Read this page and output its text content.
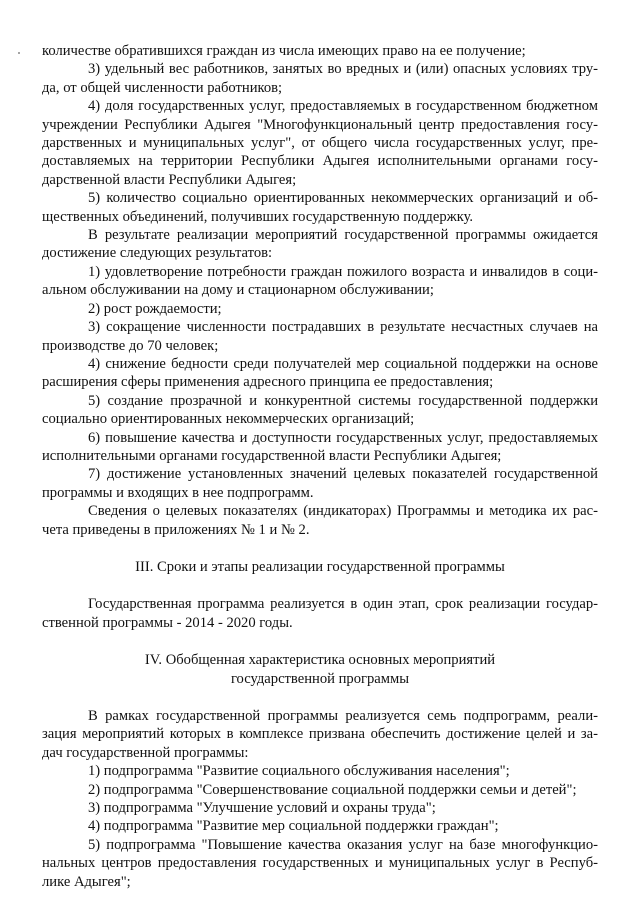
количестве обратившихся граждан из числа имеющих право на ее получение;
3) удельный вес работников, занятых во вредных и (или) опасных условиях тру-
да, от общей численности работников;
4) доля государственных услуг, предоставляемых в государственном бюджетном
учреждении Республики Адыгея "Многофункциональный центр предоставления госу-
дарственных и муниципальных услуг", от общего числа государственных услуг, пре-
доставляемых на территории Республики Адыгея исполнительными органами госу-
дарственной власти Республики Адыгея;
5) количество социально ориентированных некоммерческих организаций и об-
щественных объединений, получивших государственную поддержку.
В результате реализации мероприятий государственной программы ожидается
достижение следующих результатов:
1) удовлетворение потребности граждан пожилого возраста и инвалидов в соци-
альном обслуживании на дому и стационарном обслуживании;
2) рост рождаемости;
3) сокращение численности пострадавших в результате несчастных случаев на
производстве до 70 человек;
4) снижение бедности среди получателей мер социальной поддержки на основе
расширения сферы применения адресного принципа ее предоставления;
5) создание прозрачной и конкурентной системы государственной поддержки
социально ориентированных некоммерческих организаций;
6) повышение качества и доступности государственных услуг, предоставляемых
исполнительными органами государственной власти Республики Адыгея;
7) достижение установленных значений целевых показателей государственной
программы и входящих в нее подпрограмм.
Сведения о целевых показателях (индикаторах) Программы и методика их рас-
чета приведены в приложениях № 1 и № 2.
III. Сроки и этапы реализации государственной программы
Государственная программа реализуется в один этап, срок реализации государ-
ственной программы - 2014 - 2020 годы.
IV. Обобщенная характеристика основных мероприятий
государственной программы
В рамках государственной программы реализуется семь подпрограмм, реали-
зация мероприятий которых в комплексе призвана обеспечить достижение целей и за-
дач государственной программы:
1) подпрограмма "Развитие социального обслуживания населения";
2) подпрограмма "Совершенствование социальной поддержки семьи и детей";
3) подпрограмма "Улучшение условий и охраны труда";
4) подпрограмма "Развитие мер социальной поддержки граждан";
5) подпрограмма "Повышение качества оказания услуг на базе многофункцио-
нальных центров предоставления государственных и муниципальных услуг в Респуб-
лике Адыгея";
